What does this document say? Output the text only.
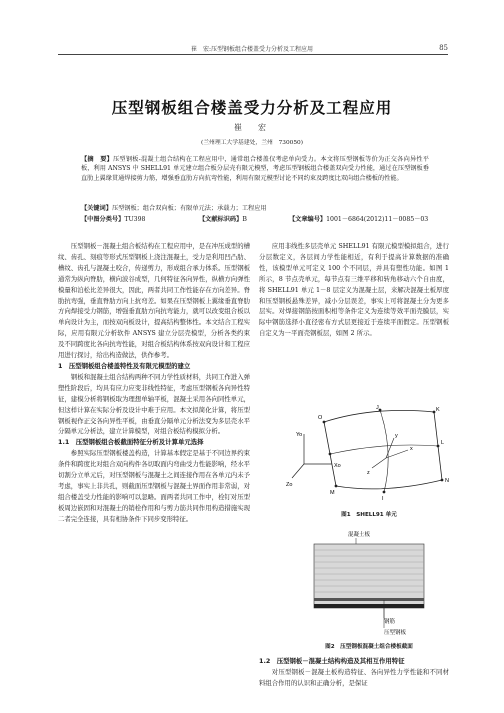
崔　宏:压型钢板组合楼盖受力分析及工程应用	85
压型钢板组合楼盖受力分析及工程应用
崔　宏
(兰州理工大学基建处，兰州　730050)
【摘　要】压型钢板-混凝土组合结构在工程应用中，通常组合楼盖仅考虑单向受力。本文将压型钢板等价为正交各向异性平板，利用 ANSYS 中 SHELL91 单元建立组合板分层壳有限元模型，考虑压型钢板组合楼盖双向受力性能，通过在压型钢板垂直肋上翼缘贯通焊接剪力筋，增强垂直肋方向抗弯性能，利用有限元模型讨论不同约束及跨度比双向组合楼板的性能。
【关键词】压型钢板；组合双向板；有限单元法；承载力；工程应用
【中图分类号】TU398	【文献标识码】B	【文章编号】1001－6864(2012)11－0085－03

压型钢板－混凝土组合板结构在工程应用中，是在冲压成型的槽纹、齿孔、刻痕等形式压型钢板上浇注混凝土，受力是利用凹凸肋、槽纹、齿孔与混凝土咬合，传递剪力，形成组合承力体系。压型钢板通常为纵向脊肋，横向波谷成型，几何特征各向异性，纵横方向弹性模量和泊松比差异很大，因此，两者共同工作性能存在方向差异。脊肋抗弯强，垂直脊肋方向上抗弯差。如果在压型钢板上翼缘垂直脊肋方向焊接受力钢筋，增强垂直肋方向抗弯能力，就可以改变组合板以单向设计为主，而按双向板设计，提高结构整体性。本文结合工程实际，应用有限元分析软件 ANSYS 建立分层壳模型，分析各类约束及不同跨度比各向抗弯性能，对组合板结构体系按双向设计和工程应用进行探讨，给出构造做法，供作参考。

1　压型钢板组合楼盖特性及有限元模型的建立

钢板和混凝土组合结构两种不同力学性质材料，共同工作进入弹塑性阶段后，均具有应力应变非线性特征，考虑压型钢板各向异性特征，建模分析将钢板取为理想单轴平板，混凝土采用各向同性单元，但这样计算在实际分析及设计中难于应用。本文拟简化计算，将压型钢板视作正交各向异性平板，由垂直分隔单元分析法变为多层壳水平分隔单元分析法，建立计算模型，对组合板结构模拟分析。

1.1　压型钢板组合板截面特征分析及计算单元选择

参照实际压型钢板楼盖构造，计算基本假定是基于不同边界约束条件和跨度比对组合双向构件各切取面内弯曲受力性能影响，经水平切割分立单元后，对压型钢板与混凝土之间连接作用在各单元内未予考虑，事实上非共孔，则截面压型钢板与混凝土界面作用非常弱，对组合楼盖受力性能的影响可以忽略。面两者共同工作中，栓钉对压型板周边嵌固和对混凝土的销栓作用和与剪力筋共同作用构造措施实现二者完全连接，具有相协条件下同步变形特征。

应用非线性多层壳单元 SHELL91 有限元模型模拟组合，进行分层数定义，各层间力学性能相近，有利于提高计算数据的准确性，该模型单元可定义 100 个不同层，并具有塑性功能。如图 1 所示，8 节点壳单元，每节点有三维平移和转角移动六个自由度，将 SHELL91 单元 1－8 层定义为混凝土层，来解决混凝土板厚度和压型钢板悬殊差异，减小分层误差，事实上可将混凝土分为更多层实。对焊接钢筋按面积相等条件定义为连续等效平面壳膜层，实际中钢筋选择小直径密布方式层更接近于连续平面假定。压型钢板自定义为一平面壳钢板层，如图 2 所示。

O
K
N
L
J
I
M
Yo
Xo
Zo
x
y
z
图1　SHELL91 单元
混凝土板
钢筋
压型钢板
图2　压型钢板混凝土组合楼板截面

1.2　压型钢板－混凝土结构构造及其相互作用特征

对压型钢板－混凝土板构造特征、各向异性力学性能和不同材料组合作用的认识和正确分析，是保证
